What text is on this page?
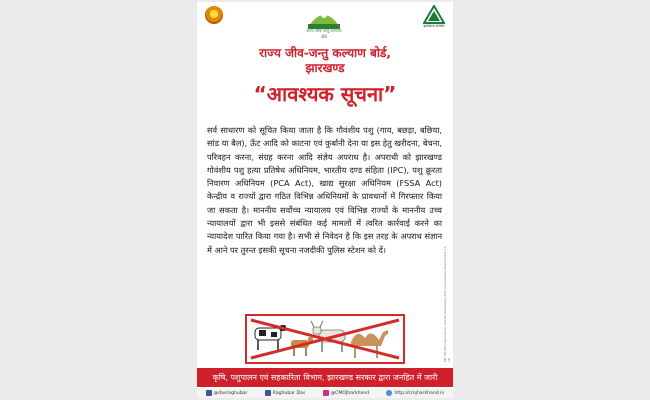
राज्य जीव-जन्तु कल्याण बोर्ड
झारखण्ड सरकार
राज्य जीव-जन्तु कल्याण बोर्ड,
झारखण्ड
“आवश्यक सूचना”

सर्व साधारण को सूचित किया जाता है कि गौवंशीय पशु (गाय, बछड़ा, बछिया, सांड या बैल), ऊँट आदि को काटना एवं कुर्बानी देना या इस हेतु खरीदना, बेचना, परिवहन करना, संग्रह करना आदि संज्ञेय अपराध है। अपराधी को झारखण्ड गोवंशीय पशु हत्या प्रतिषेध अधिनियम, भारतीय दण्ड संहिता (IPC), पशु क्रूरता निवारण अधिनियम (PCA Act), खाद्य सुरक्षा अधिनियम (FSSA Act) केन्द्रीय व राज्यों द्वारा गठित विभिन्न अधिनियमों के प्रावधानों में गिरफ्तार किया जा सकता है। माननीय सर्वोच्च न्यायालय एवं विभिन्न राज्यों के माननीय उच्च न्यायालयों द्वारा भी इससे संबंधित कई मामलों में त्वरित कार्रवाई करने का न्यायादेश पारित किया गया है। सभी से निवेदन है कि इस तरह के अपराध संज्ञान में आने पर तुरन्त इसकी सूचना नजदीकी पुलिस स्टेशन को दें।	PR 185187 (Agriculture, Animal Husbandry And Cooperative) Department 17-18
कृषि, पशुपालन एवं सहकारिता विभाग, झारखण्ड सरकार द्वारा जनहित में जारी
@dasraghubar	Raghubar Das	@CMOJharkhand	http://cmjharkhand.in
